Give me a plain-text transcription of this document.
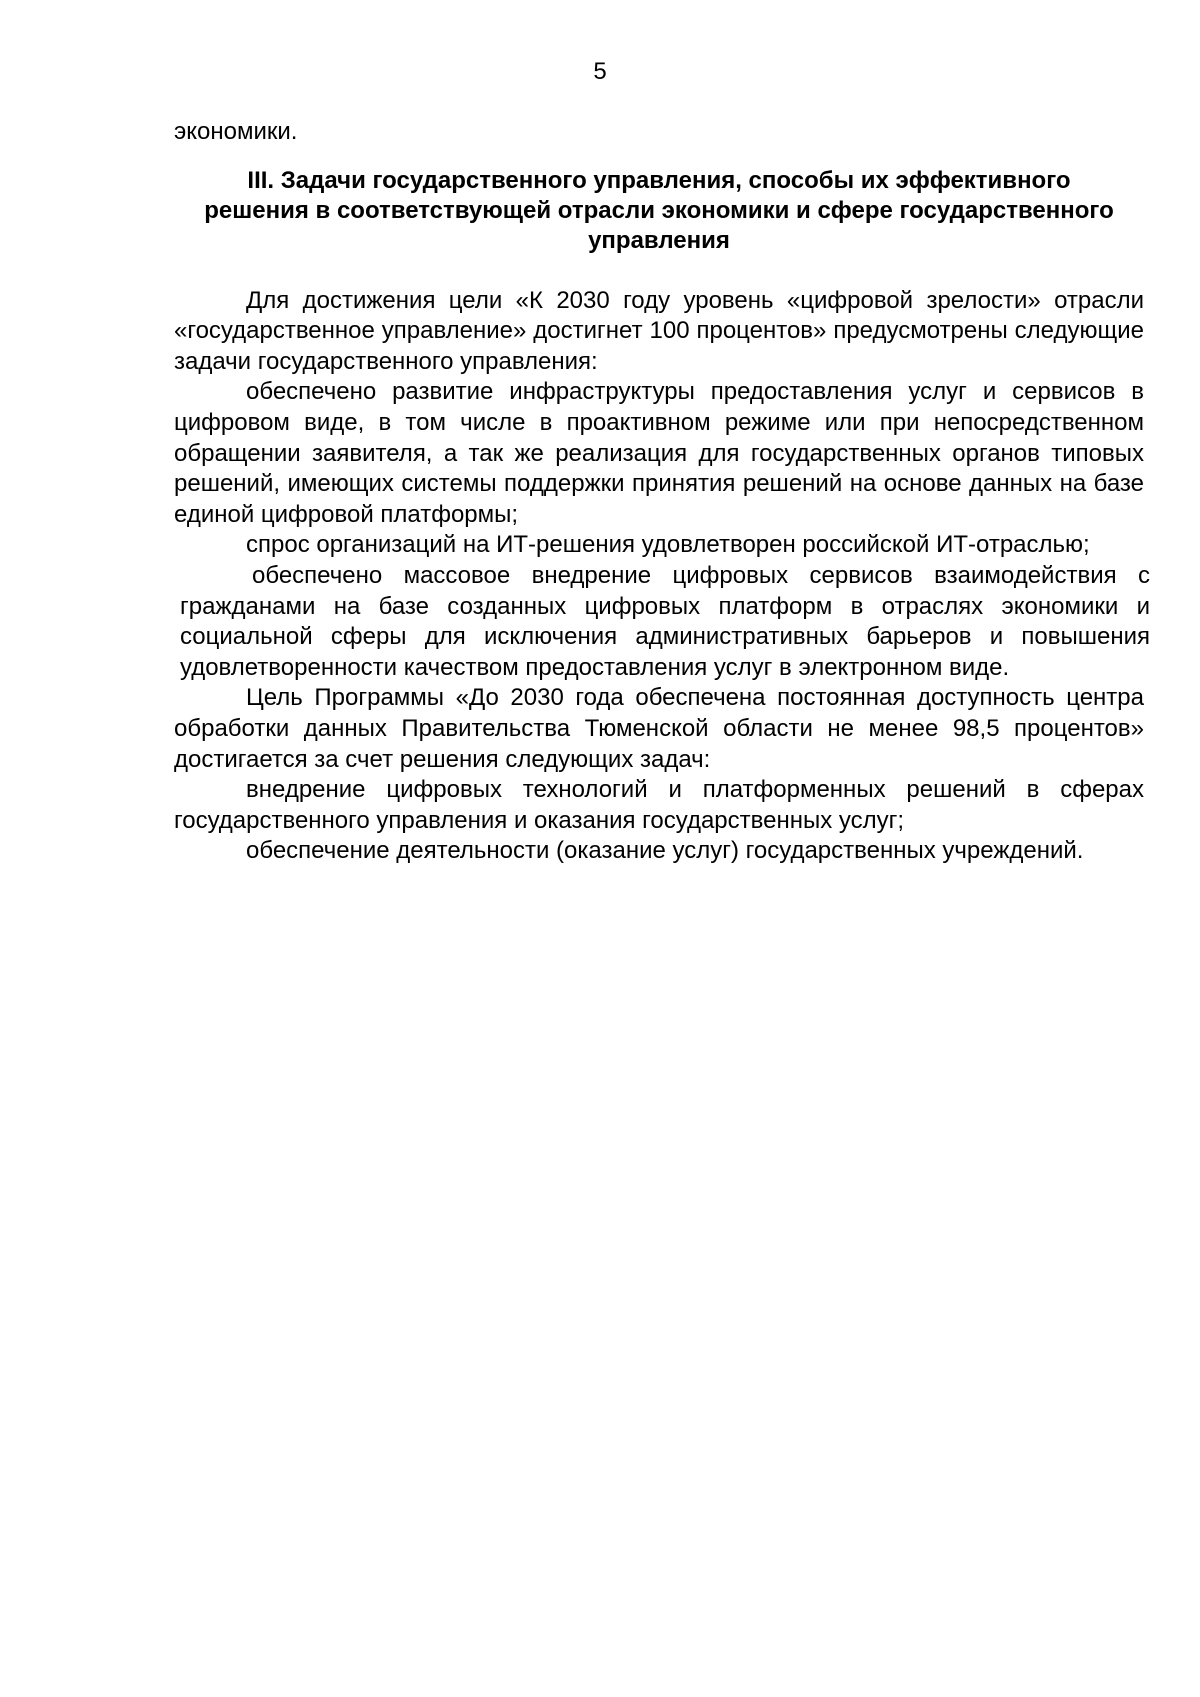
5

экономики.

III. Задачи государственного управления, способы их эффективного решения в соответствующей отрасли экономики и сфере государственного управления

Для достижения цели «К 2030 году уровень «цифровой зрелости» отрасли «государственное управление» достигнет 100 процентов» предусмотрены следующие задачи государственного управления:

обеспечено развитие инфраструктуры предоставления услуг и сервисов в цифровом виде, в том числе в проактивном режиме или при непосредственном обращении заявителя, а так же реализация для государственных органов типовых решений, имеющих системы поддержки принятия решений на основе данных на базе единой цифровой платформы;

спрос организаций на ИТ-решения удовлетворен российской ИТ-отраслью;

обеспечено массовое внедрение цифровых сервисов взаимодействия с гражданами на базе созданных цифровых платформ в отраслях экономики и социальной сферы для исключения административных барьеров и повышения удовлетворенности качеством предоставления услуг в электронном виде.

Цель Программы «До 2030 года обеспечена постоянная доступность центра обработки данных Правительства Тюменской области не менее 98,5 процентов» достигается за счет решения следующих задач:

внедрение цифровых технологий и платформенных решений в сферах государственного управления и оказания государственных услуг;

обеспечение деятельности (оказание услуг) государственных учреждений.
